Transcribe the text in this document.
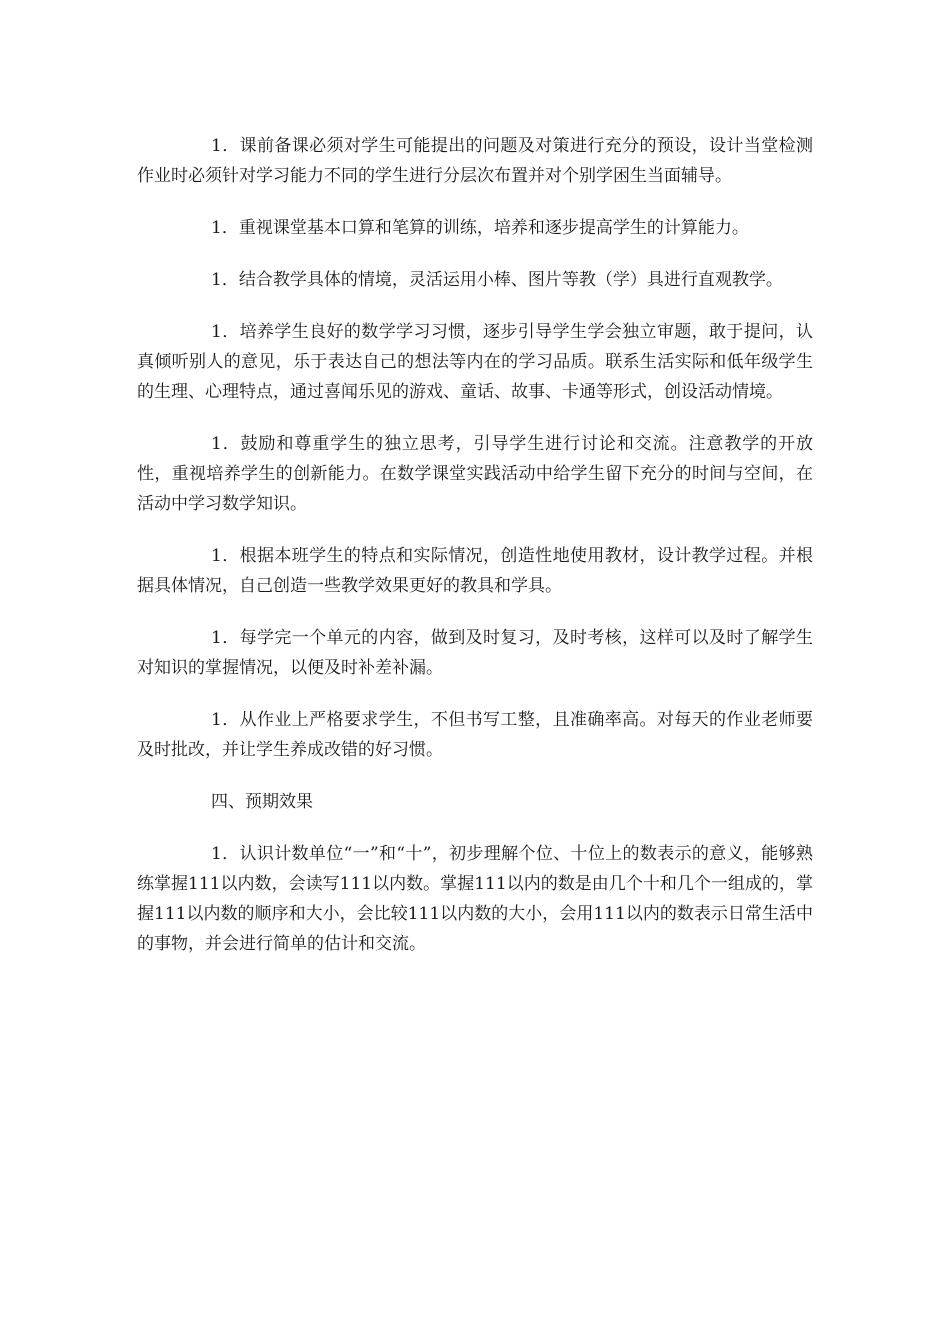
1．课前备课必须对学生可能提出的问题及对策进行充分的预设，设计当堂检测作业时必须针对学习能力不同的学生进行分层次布置并对个别学困生当面辅导。

1．重视课堂基本口算和笔算的训练，培养和逐步提高学生的计算能力。

1．结合教学具体的情境，灵活运用小棒、图片等教（学）具进行直观教学。

1．培养学生良好的数学学习习惯，逐步引导学生学会独立审题，敢于提问，认真倾听别人的意见，乐于表达自己的想法等内在的学习品质。联系生活实际和低年级学生的生理、心理特点，通过喜闻乐见的游戏、童话、故事、卡通等形式，创设活动情境。

1．鼓励和尊重学生的独立思考，引导学生进行讨论和交流。注意教学的开放性，重视培养学生的创新能力。在数学课堂实践活动中给学生留下充分的时间与空间，在活动中学习数学知识。

1．根据本班学生的特点和实际情况，创造性地使用教材，设计教学过程。并根据具体情况，自己创造一些教学效果更好的教具和学具。

1．每学完一个单元的内容，做到及时复习，及时考核，这样可以及时了解学生对知识的掌握情况，以便及时补差补漏。

1．从作业上严格要求学生，不但书写工整，且准确率高。对每天的作业老师要及时批改，并让学生养成改错的好习惯。

四、预期效果

1．认识计数单位“一”和“十”，初步理解个位、十位上的数表示的意义，能够熟练掌握111以内数，会读写111以内数。掌握111以内的数是由几个十和几个一组成的，掌握111以内数的顺序和大小，会比较111以内数的大小，会用111以内的数表示日常生活中的事物，并会进行简单的估计和交流。
